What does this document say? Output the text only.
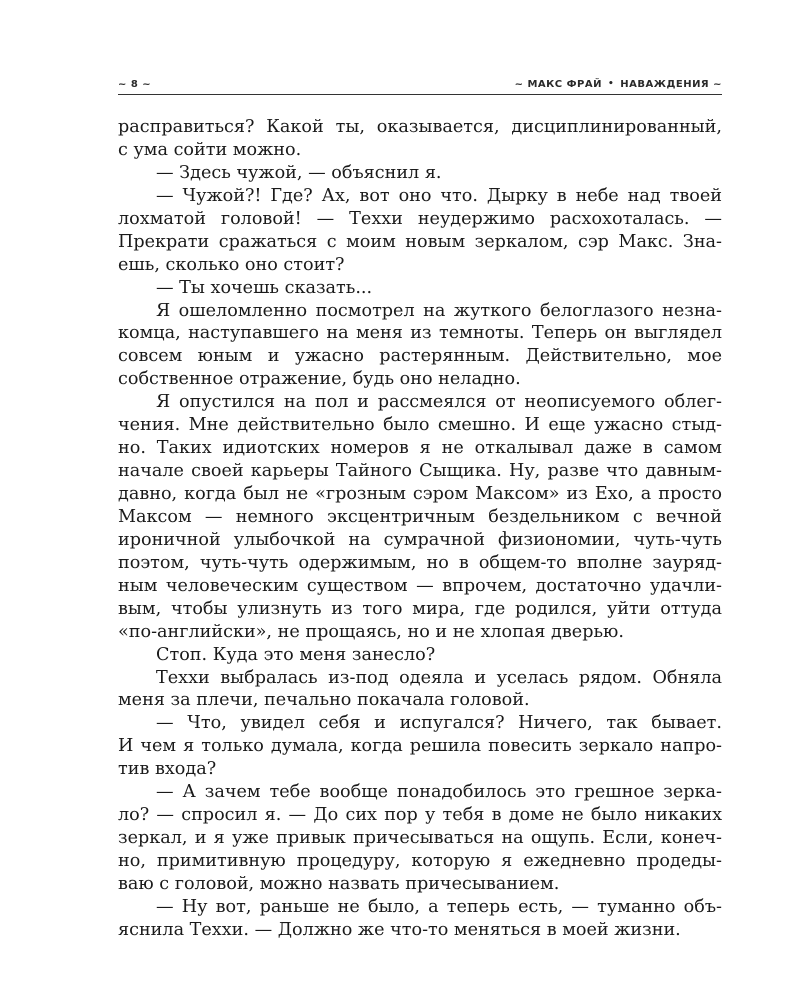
~ 8 ~	~ МАКС ФРАЙ • НАВАЖДЕНИЯ ~
расправиться? Какой ты, оказывается, дисциплинированный,
с ума сойти можно.
— Здесь чужой, — объяснил я.
— Чужой?! Где? Ах, вот оно что. Дырку в небе над твоей
лохматой головой! — Теххи неудержимо расхохоталась. —
Прекрати сражаться с моим новым зеркалом, сэр Макс. Зна-
ешь, сколько оно стоит?
— Ты хочешь сказать...
Я ошеломленно посмотрел на жуткого белоглазого незна-
комца, наступавшего на меня из темноты. Теперь он выглядел
совсем юным и ужасно растерянным. Действительно, мое
собственное отражение, будь оно неладно.
Я опустился на пол и рассмеялся от неописуемого облег-
чения. Мне действительно было смешно. И еще ужасно стыд-
но. Таких идиотских номеров я не откалывал даже в самом
начале своей карьеры Тайного Сыщика. Ну, разве что давным-
давно, когда был не «грозным сэром Максом» из Ехо, а просто
Максом — немного эксцентричным бездельником с вечной
ироничной улыбочкой на сумрачной физиономии, чуть-чуть
поэтом, чуть-чуть одержимым, но в общем-то вполне зауряд-
ным человеческим существом — впрочем, достаточно удачли-
вым, чтобы улизнуть из того мира, где родился, уйти оттуда
«по-английски», не прощаясь, но и не хлопая дверью.
Стоп. Куда это меня занесло?
Теххи выбралась из-под одеяла и уселась рядом. Обняла
меня за плечи, печально покачала головой.
— Что, увидел себя и испугался? Ничего, так бывает.
И чем я только думала, когда решила повесить зеркало напро-
тив входа?
— А зачем тебе вообще понадобилось это грешное зерка-
ло? — спросил я. — До сих пор у тебя в доме не было никаких
зеркал, и я уже привык причесываться на ощупь. Если, конеч-
но, примитивную процедуру, которую я ежедневно продеды-
ваю с головой, можно назвать причесыванием.
— Ну вот, раньше не было, а теперь есть, — туманно объ-
яснила Теххи. — Должно же что-то меняться в моей жизни.
